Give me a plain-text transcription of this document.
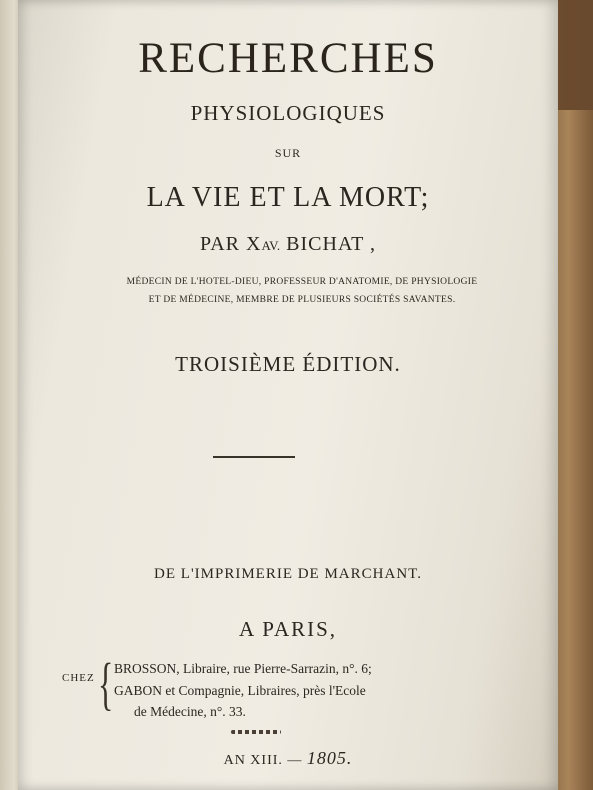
RECHERCHES
PHYSIOLOGIQUES
SUR
LA VIE ET LA MORT;
PAR XAV. BICHAT ,
MÉDECIN DE L'HOTEL-DIEU, PROFESSEUR D'ANATOMIE, DE PHYSIOLOGIE
ET DE MÉDECINE, MEMBRE DE PLUSIEURS SOCIÉTÉS SAVANTES.
TROISIÈME ÉDITION.
DE L'IMPRIMERIE DE MARCHANT.
A PARIS,
CHEZ { BROSSON, Libraire, rue Pierre-Sarrazin, n°. 6;
GABON et Compagnie, Libraires, près l'Ecole
de Médecine, n°. 33.
AN XIII. — 1805.
